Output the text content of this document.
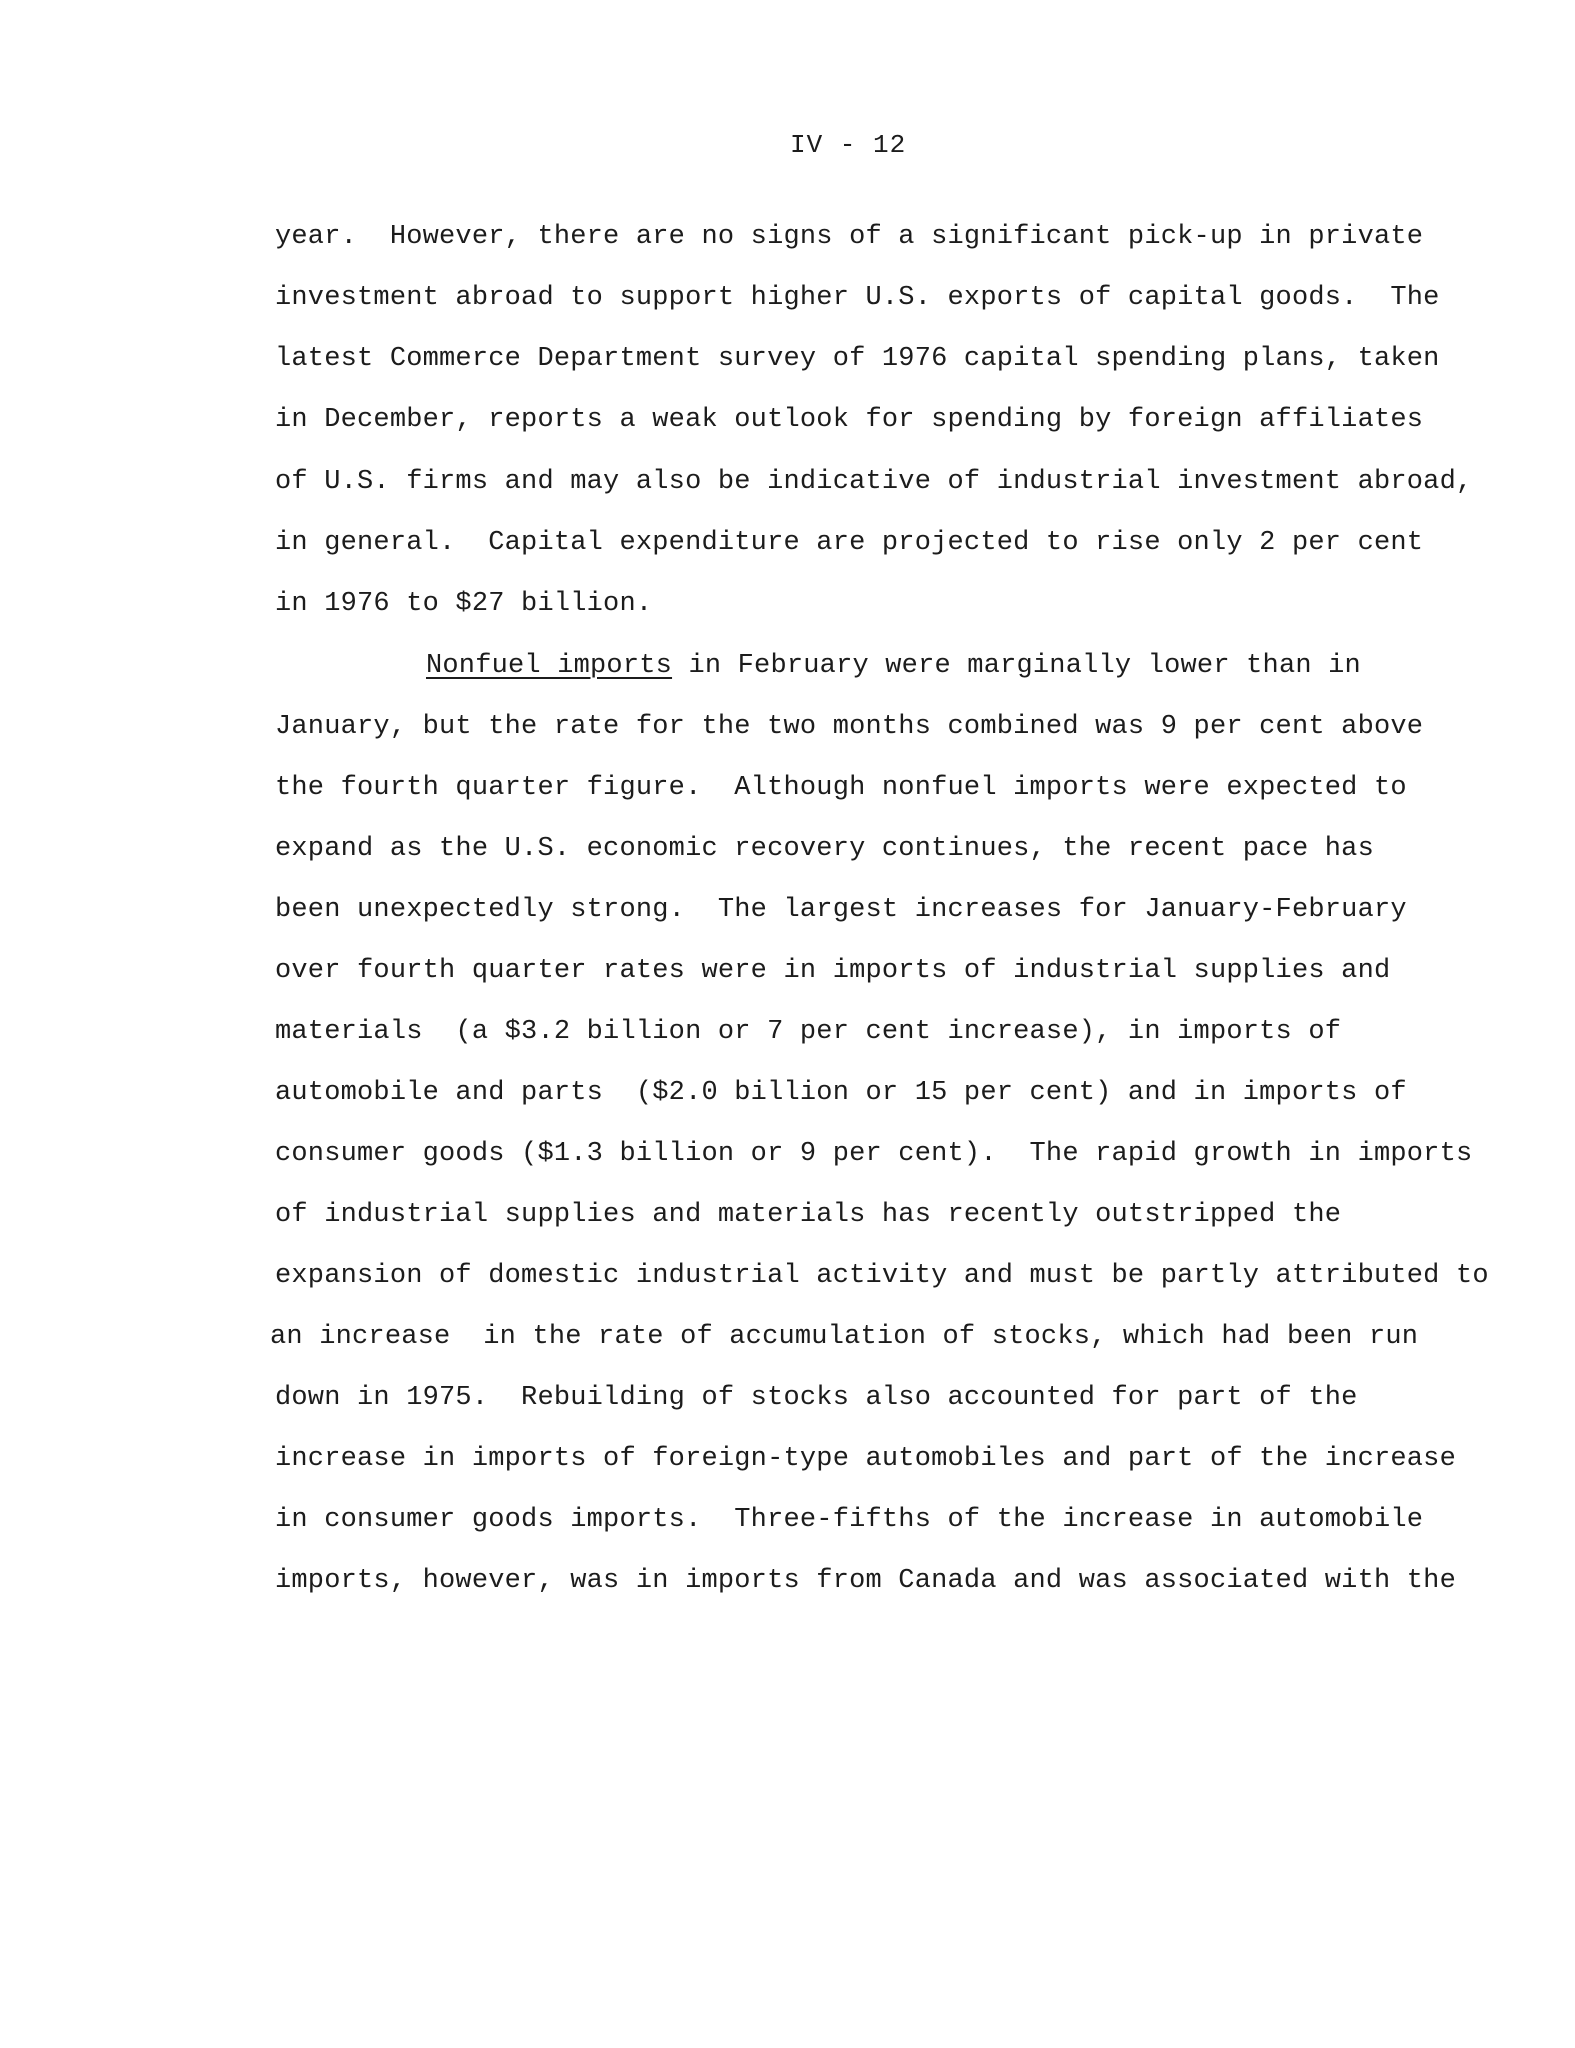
IV - 12
year.  However, there are no signs of a significant pick-up in private
investment abroad to support higher U.S. exports of capital goods.  The
latest Commerce Department survey of 1976 capital spending plans, taken
in December, reports a weak outlook for spending by foreign affiliates
of U.S. firms and may also be indicative of industrial investment abroad,
in general.  Capital expenditure are projected to rise only 2 per cent
in 1976 to $27 billion.
Nonfuel imports in February were marginally lower than in
January, but the rate for the two months combined was 9 per cent above
the fourth quarter figure.  Although nonfuel imports were expected to
expand as the U.S. economic recovery continues, the recent pace has
been unexpectedly strong.  The largest increases for January-February
over fourth quarter rates were in imports of industrial supplies and
materials  (a $3.2 billion or 7 per cent increase), in imports of
automobile and parts  ($2.0 billion or 15 per cent) and in imports of
consumer goods ($1.3 billion or 9 per cent).  The rapid growth in imports
of industrial supplies and materials has recently outstripped the
expansion of domestic industrial activity and must be partly attributed to
an increase  in the rate of accumulation of stocks, which had been run
down in 1975.  Rebuilding of stocks also accounted for part of the
increase in imports of foreign-type automobiles and part of the increase
in consumer goods imports.  Three-fifths of the increase in automobile
imports, however, was in imports from Canada and was associated with the
